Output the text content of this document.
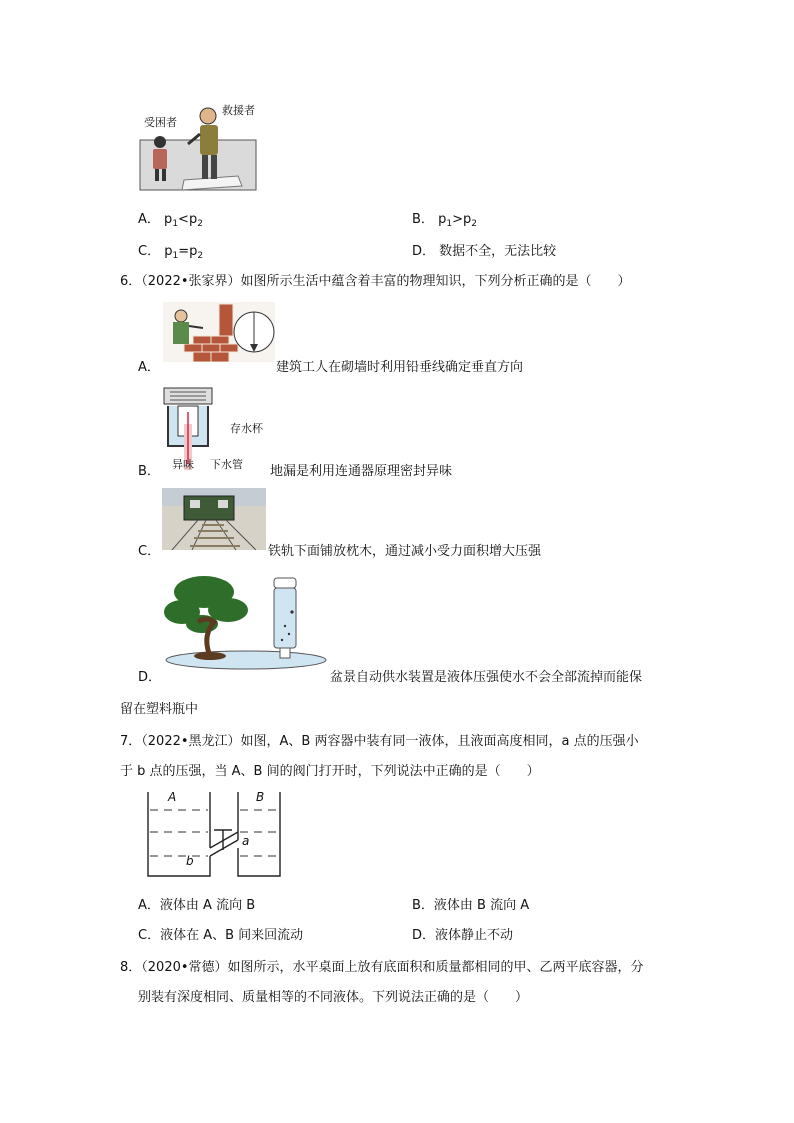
受困者
救援者
A． $p_1<p_2$	B． $p_1>p_2$
C． $p_1=p_2$	D． 数据不全，无法比较
6．（2022•张家界）如图所示生活中蕴含着丰富的物理知识，下列分析正确的是（　　）
A．	建筑工人在砌墙时利用铅垂线确定垂直方向
B．
存水杯
异味 下水管 地漏是利用连通器原理密封异味
C．	铁轨下面铺放枕木，通过减小受力面积增大压强
D．	盆景自动供水装置是液体压强使水不会全部流掉而能保
留在塑料瓶中
7．（2022•黑龙江）如图，A、B 两容器中装有同一液体，且液面高度相同，a 点的压强小
于 b 点的压强，当 A、B 间的阀门打开时，下列说法中正确的是（　　）
A	B
a
b
A．液体由 A 流向 B	B．液体由 B 流向 A
C．液体在 A、B 间来回流动	D．液体静止不动
8．（2020•常德）如图所示，水平桌面上放有底面积和质量都相同的甲、乙两平底容器，分
别装有深度相同、质量相等的不同液体。下列说法正确的是（　　）
